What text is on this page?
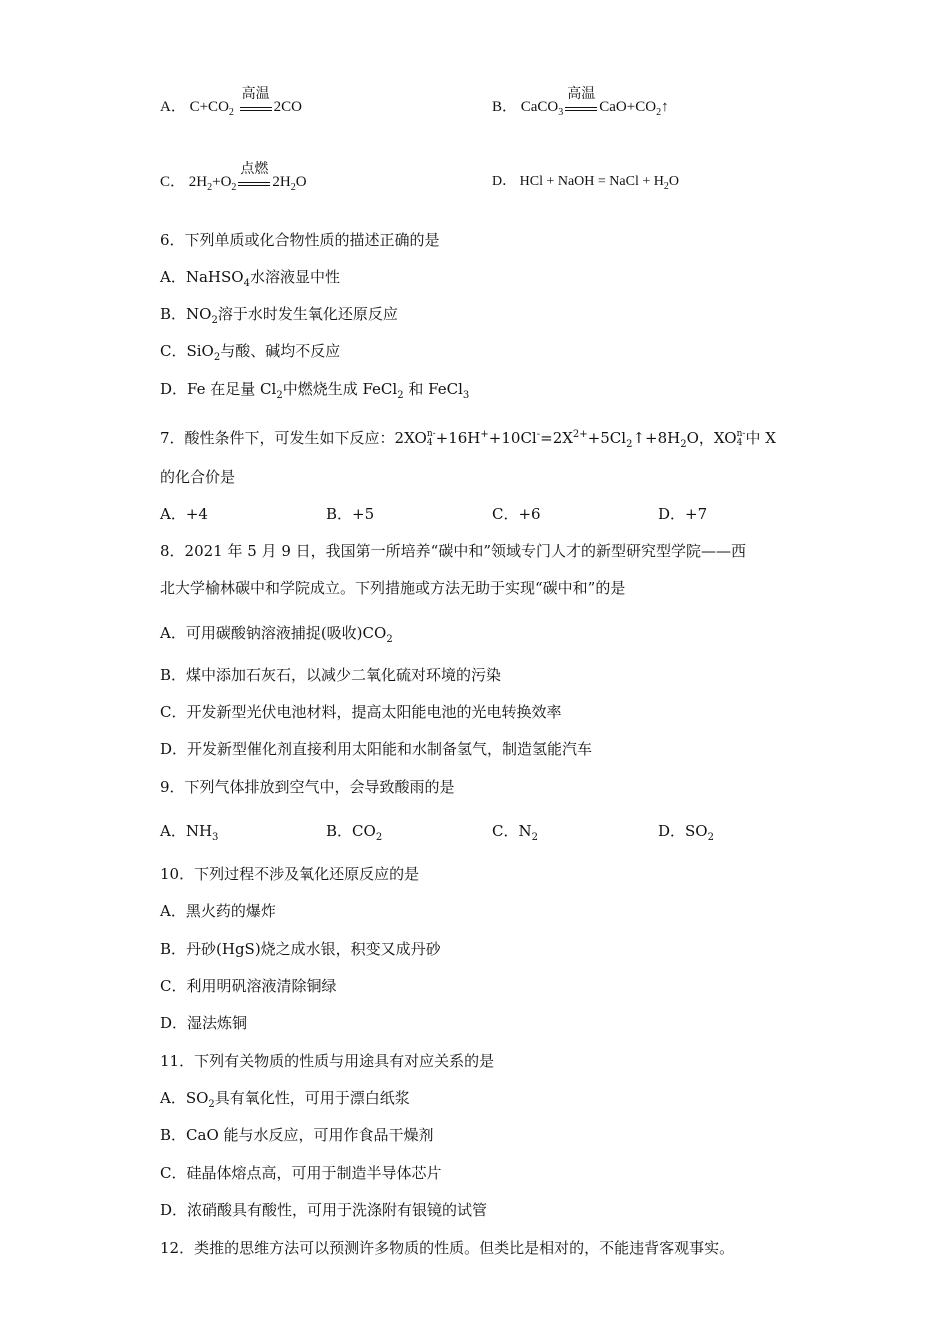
A． $C+CO_2$
高温
2CO	B． CaCO$_3$
高温
$CaO+CO_2↑$
C． $2H_2+O_2$
点燃
$2H_2O$	D． HCl + NaOH = NaCl + $H_2O$
6．下列单质或化合物性质的描述正确的是
A．NaHSO$_4$水溶液显中性
B．$NO_2$溶于水时发生氧化还原反应
C．SiO$_2$与酸、碱均不反应
D．Fe 在足量 $Cl_2$中燃烧生成 FeCl$_2$ 和 FeCl$_3$
7．酸性条件下，可发生如下反应：2XO n-
$4 +16H^++10Cl^-=2X^{2+}+5Cl_2↑+8H_2O$，XO n-
4 中 X
的化合价是
A．+4	B．+5	C．+6	D．+7
8．2021 年 5 月 9 日，我国第一所培养“碳中和”领域专门人才的新型研究型学院——西
北大学榆林碳中和学院成立。下列措施或方法无助于实现“碳中和”的是
A．可用碳酸钠溶液捕捉(吸收)$CO_2$
B．煤中添加石灰石，以减少二氧化硫对环境的污染
C．开发新型光伏电池材料，提高太阳能电池的光电转换效率
D．开发新型催化剂直接利用太阳能和水制备氢气，制造氢能汽车
9．下列气体排放到空气中，会导致酸雨的是
A．$NH_3$	B．$CO_2$	C．$N_2$	D．$SO_2$
10．下列过程不涉及氧化还原反应的是
A．黑火药的爆炸
B．丹砂(HgS)烧之成水银，积变又成丹砂
C．利用明矾溶液清除铜绿
D．湿法炼铜
11．下列有关物质的性质与用途具有对应关系的是
A．$SO_2$具有氧化性，可用于漂白纸浆
B．CaO 能与水反应，可用作食品干燥剂
C．硅晶体熔点高，可用于制造半导体芯片
D．浓硝酸具有酸性，可用于洗涤附有银镜的试管
12．类推的思维方法可以预测许多物质的性质。但类比是相对的，不能违背客观事实。
